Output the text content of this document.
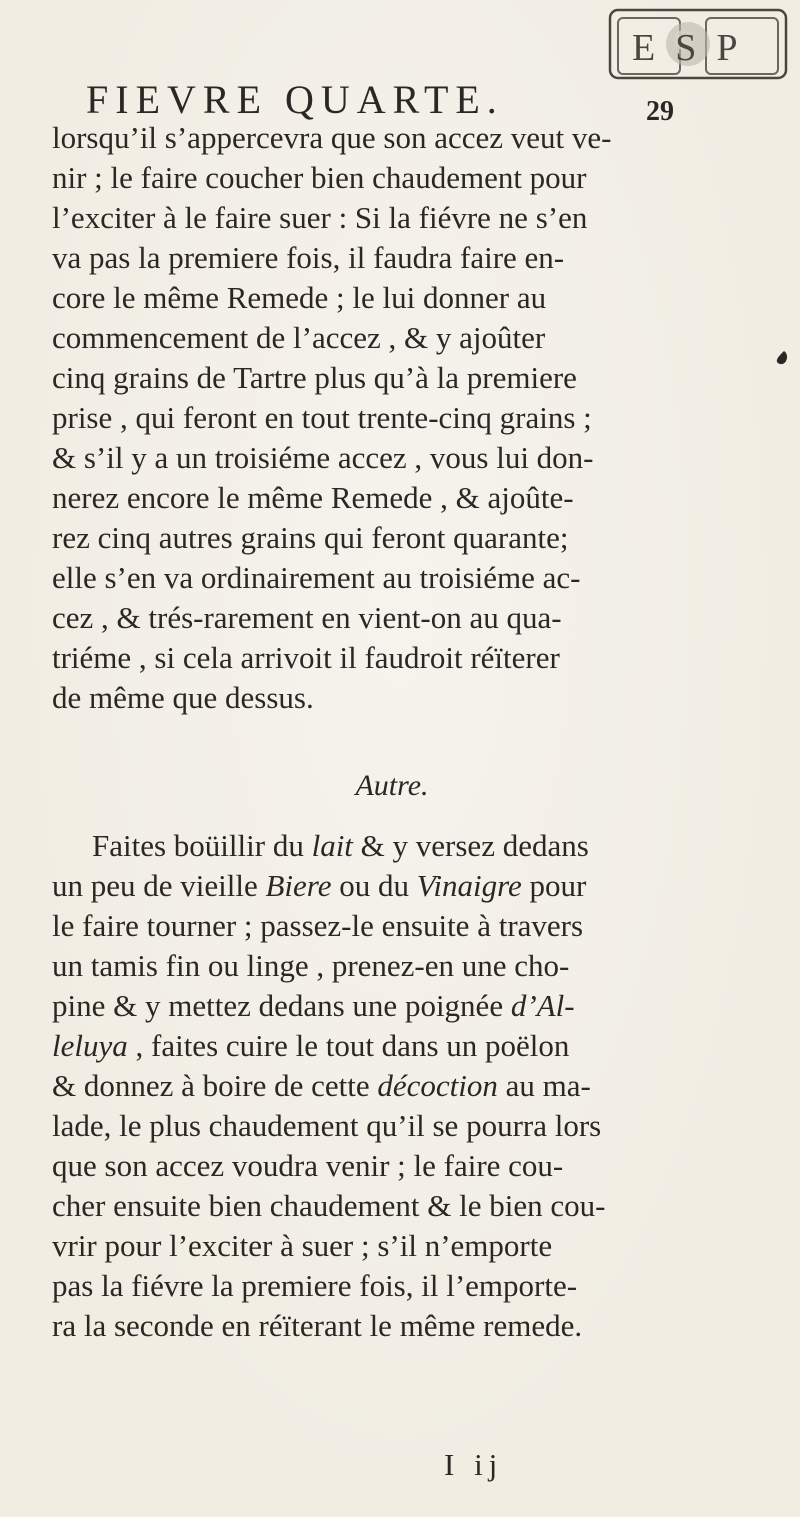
ESP
FIEVRE QUARTE.	29
lorsqu’il s’appercevra que son accez veut ve-
nir ; le faire coucher bien chaudement pour
l’exciter à le faire suer : Si la fiévre ne s’en
va pas la premiere fois, il faudra faire en-
core le même Remede ; le lui donner au
commencement de l’accez , & y ajoûter
cinq grains de Tartre plus qu’à la premiere
prise , qui feront en tout trente-cinq grains ;
& s’il y a un troisiéme accez , vous lui don-
nerez encore le même Remede , & ajoûte-
rez cinq autres grains qui feront quarante;
elle s’en va ordinairement au troisiéme ac-
cez , & trés-rarement en vient-on au qua-
triéme , si cela arrivoit il faudroit réïterer
de même que dessus.
Autre.
Faites boüillir du lait & y versez dedans
un peu de vieille Biere ou du Vinaigre pour
le faire tourner ; passez-le ensuite à travers
un tamis fin ou linge , prenez-en une cho-
pine & y mettez dedans une poignée d’Al-
leluya , faites cuire le tout dans un poëlon
& donnez à boire de cette décoction au ma-
lade, le plus chaudement qu’il se pourra lors
que son accez voudra venir ; le faire cou-
cher ensuite bien chaudement & le bien cou-
vrir pour l’exciter à suer ; s’il n’emporte
pas la fiévre la premiere fois, il l’emporte-
ra la seconde en réïterant le même remede.
I ij
